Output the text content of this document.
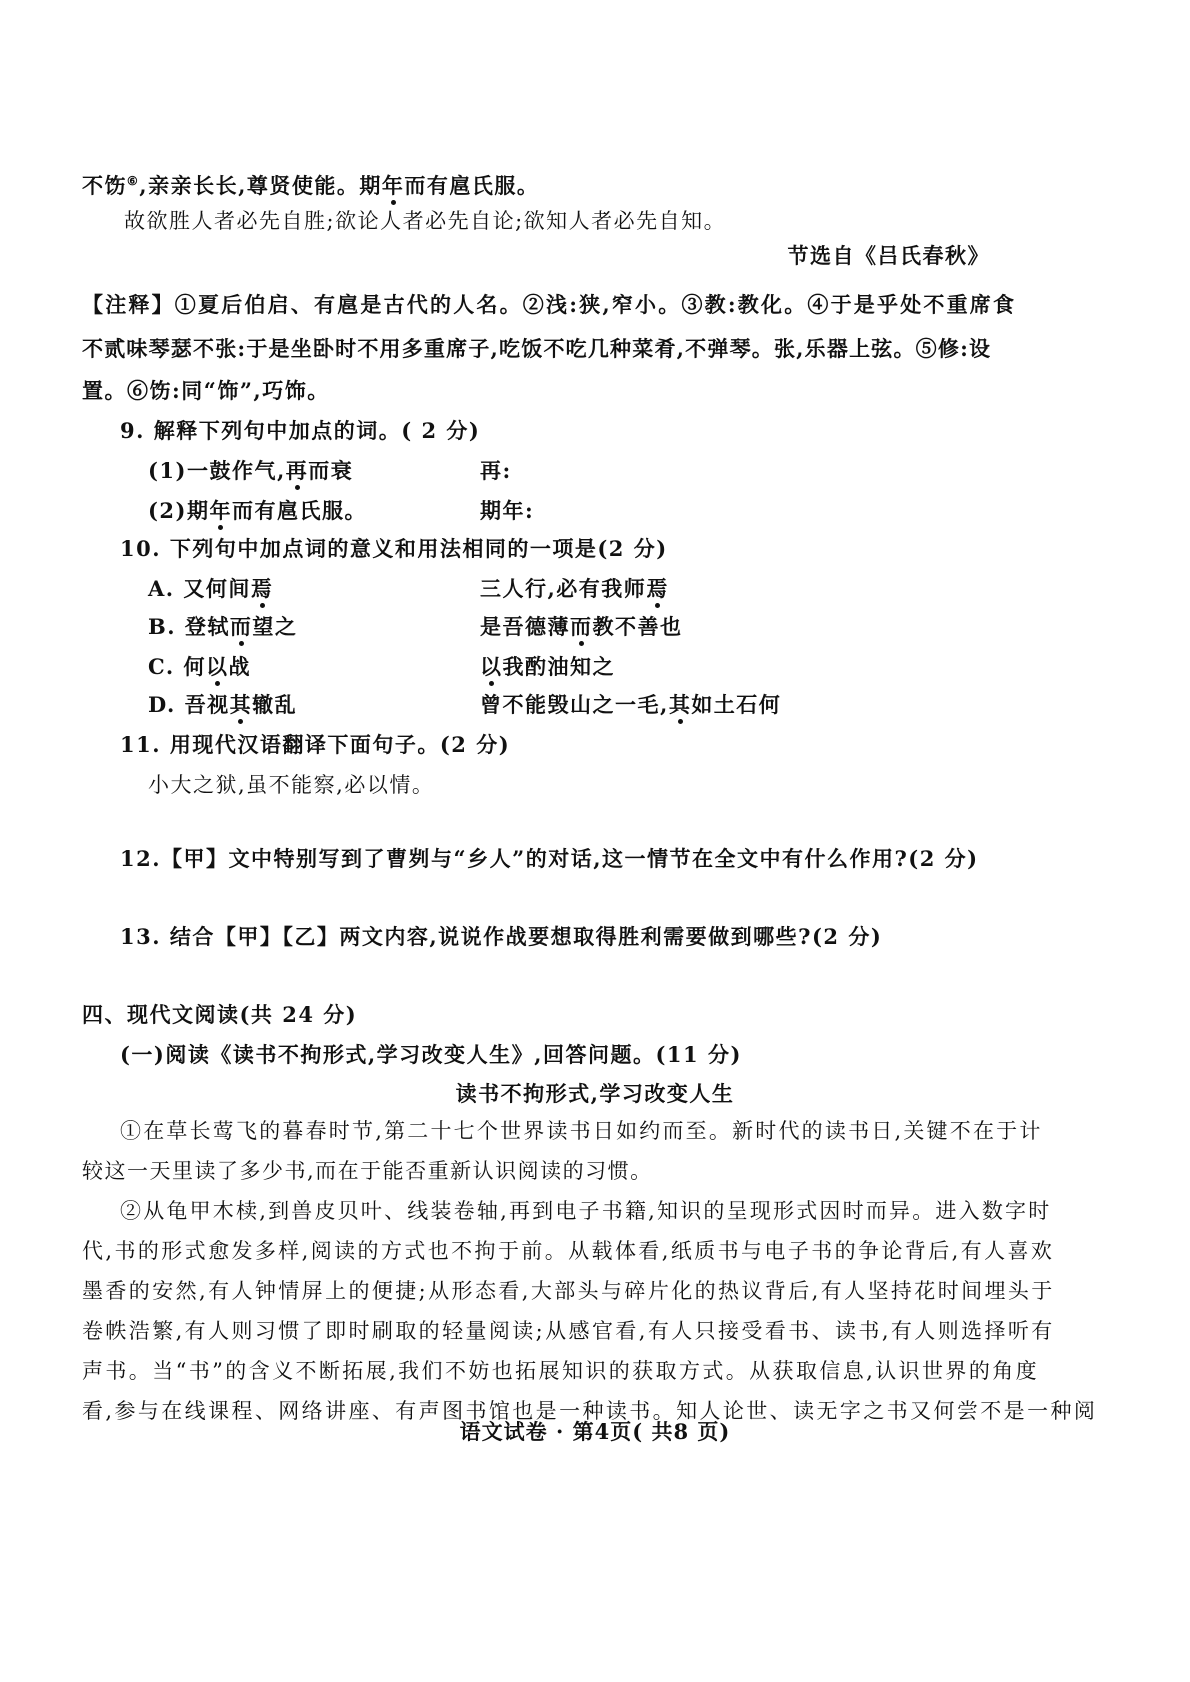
不饬⑥,亲亲长长,尊贤使能。期年而有扈氏服。
故欲胜人者必先自胜;欲论人者必先自论;欲知人者必先自知。
节选自《吕氏春秋》
【注释】①夏后伯启、有扈是古代的人名。②浅:狭,窄小。③教:教化。④于是乎处不重席食
不贰味琴瑟不张:于是坐卧时不用多重席子,吃饭不吃几种菜肴,不弹琴。张,乐器上弦。⑤修:设
置。⑥饬:同“饰”,巧饰。
9. 解释下列句中加点的词。( 2 分)
(1)一鼓作气,再而衰	再:
(2)期年而有扈氏服。	期年:
10. 下列句中加点词的意义和用法相同的一项是(2 分)
A. 又何间焉	三人行,必有我师焉
B. 登轼而望之	是吾德薄而教不善也
C. 何以战	以我酌油知之
D. 吾视其辙乱	曾不能毁山之一毛,其如土石何
11. 用现代汉语翻译下面句子。(2 分)
小大之狱,虽不能察,必以情。
12.【甲】文中特别写到了曹刿与“乡人”的对话,这一情节在全文中有什么作用?(2 分)
13. 结合【甲】【乙】两文内容,说说作战要想取得胜利需要做到哪些?(2 分)
四、现代文阅读(共 24 分)
(一)阅读《读书不拘形式,学习改变人生》,回答问题。(11 分)
读书不拘形式,学习改变人生
①在草长莺飞的暮春时节,第二十七个世界读书日如约而至。新时代的读书日,关键不在于计
较这一天里读了多少书,而在于能否重新认识阅读的习惯。
②从龟甲木椟,到兽皮贝叶、线装卷轴,再到电子书籍,知识的呈现形式因时而异。进入数字时
代,书的形式愈发多样,阅读的方式也不拘于前。从载体看,纸质书与电子书的争论背后,有人喜欢
墨香的安然,有人钟情屏上的便捷;从形态看,大部头与碎片化的热议背后,有人坚持花时间埋头于
卷帙浩繁,有人则习惯了即时刷取的轻量阅读;从感官看,有人只接受看书、读书,有人则选择听有
声书。当“书”的含义不断拓展,我们不妨也拓展知识的获取方式。从获取信息,认识世界的角度
看,参与在线课程、网络讲座、有声图书馆也是一种读书。知人论世、读无字之书又何尝不是一种阅
语文试卷 · 第4页( 共8 页)
